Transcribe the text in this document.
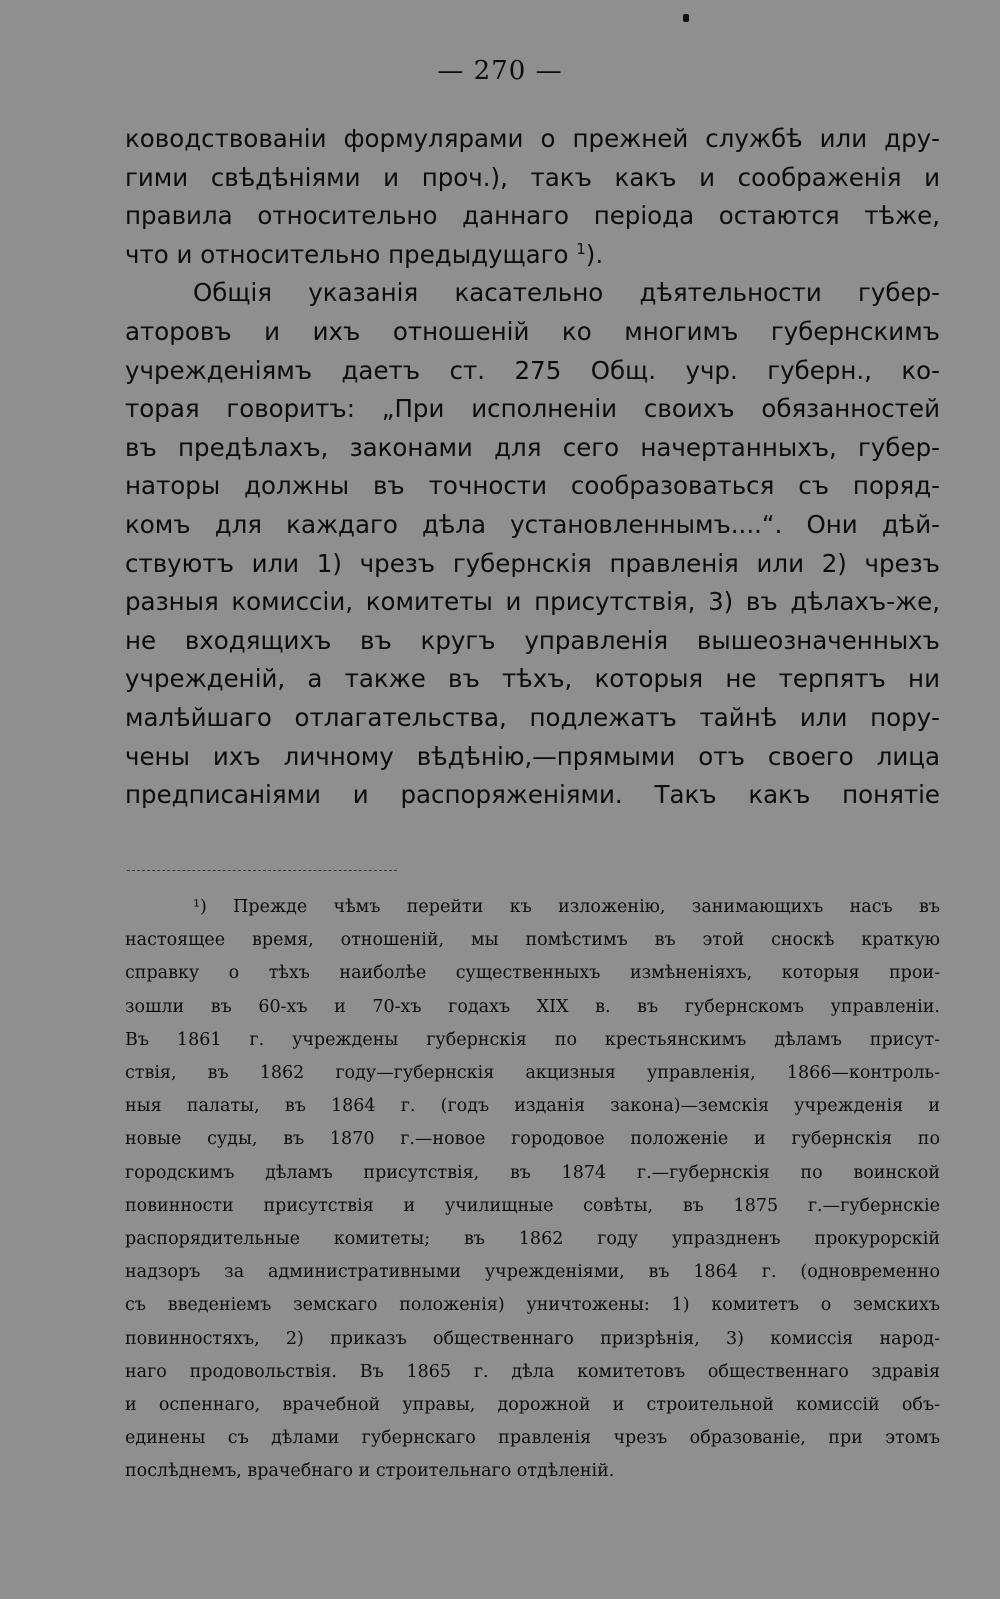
— 270 —
ководствованіи формулярами о прежней службѣ или дру-
гими свѣдѣніями и проч.), такъ какъ и соображенія и
правила относительно даннаго періода остаются тѣже,
что и относительно предыдущаго $^1$).
Общія указанія касательно дѣятельности губер-
аторовъ и ихъ отношеній ко многимъ губернскимъ
учрежденіямъ даетъ ст. 275 Общ. учр. губерн., ко-
торая говоритъ: „При исполненіи своихъ обязанностей
въ предѣлахъ, законами для сего начертанныхъ, губер-
наторы должны въ точности сообразоваться съ поряд-
комъ для каждаго дѣла установленнымъ....“. Они дѣй-
ствуютъ или 1) чрезъ губернскія правленія или 2) чрезъ
разныя комиссіи, комитеты и присутствія, 3) въ дѣлахъ-же,
не входящихъ въ кругъ управленія вышеозначенныхъ
учрежденій, а также въ тѣхъ, которыя не терпятъ ни
малѣйшаго отлагательства, подлежатъ тайнѣ или пору-
чены ихъ личному вѣдѣнію,—прямыми отъ своего лица
предписаніями и распоряженіями. Такъ какъ понятіе
¹) Прежде чѣмъ перейти къ изложенію, занимающихъ насъ въ
настоящее время, отношеній, мы помѣстимъ въ этой сноскѣ краткую
справку о тѣхъ наиболѣе существенныхъ измѣненіяхъ, которыя прои-
зошли въ 60-хъ и 70-хъ годахъ XIX в. въ губернскомъ управленіи.
Въ 1861 г. учреждены губернскія по крестьянскимъ дѣламъ присут-
ствія, въ 1862 году—губернскія акцизныя управленія, 1866—контроль-
ныя палаты, въ 1864 г. (годъ изданія закона)—земскія учрежденія и
новые суды, въ 1870 г.—новое городовое положеніе и губернскія по
городскимъ дѣламъ присутствія, въ 1874 г.—губернскія по воинской
повинности присутствія и училищные совѣты, въ 1875 г.—губернскіе
распорядительные комитеты; въ 1862 году упраздненъ прокурорскій
надзоръ за административными учрежденіями, въ 1864 г. (одновременно
съ введеніемъ земскаго положенія) уничтожены: 1) комитетъ о земскихъ
повинностяхъ, 2) приказъ общественнаго призрѣнія, 3) комиссія народ-
наго продовольствія. Въ 1865 г. дѣла комитетовъ общественнаго здравія
и оспеннаго, врачебной управы, дорожной и строительной комиссій объ-
единены съ дѣлами губернскаго правленія чрезъ образованіе, при этомъ
послѣднемъ, врачебнаго и строительнаго отдѣленій.
